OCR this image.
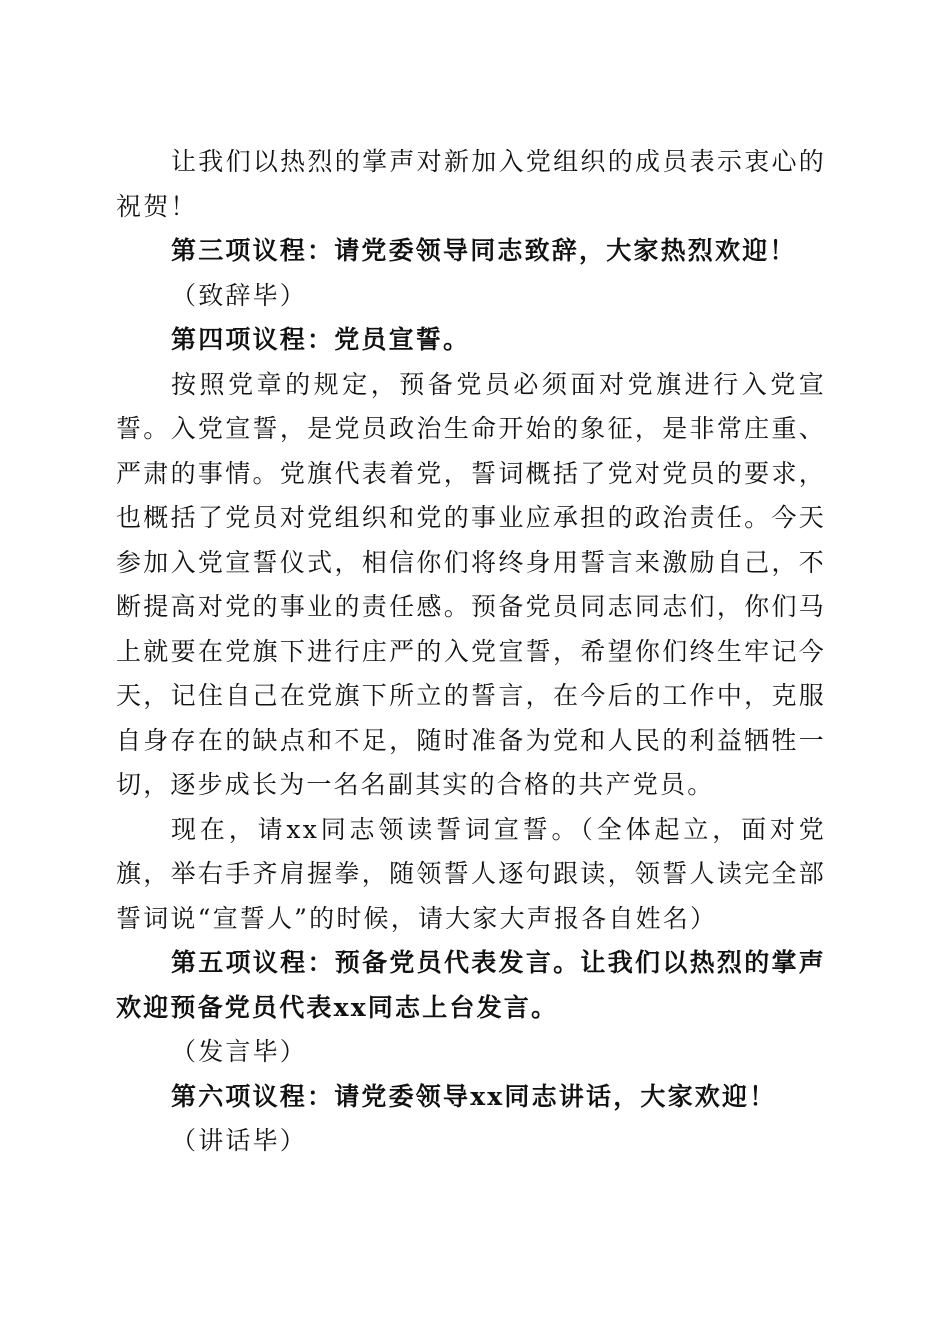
让我们以热烈的掌声对新加入党组织的成员表示衷心的祝贺！

第三项议程：请党委领导同志致辞，大家热烈欢迎！

（致辞毕）

第四项议程：党员宣誓。

按照党章的规定，预备党员必须面对党旗进行入党宣誓。入党宣誓，是党员政治生命开始的象征，是非常庄重、严肃的事情。党旗代表着党，誓词概括了党对党员的要求，也概括了党员对党组织和党的事业应承担的政治责任。今天参加入党宣誓仪式，相信你们将终身用誓言来激励自己，不断提高对党的事业的责任感。预备党员同志同志们，你们马上就要在党旗下进行庄严的入党宣誓，希望你们终生牢记今天，记住自己在党旗下所立的誓言，在今后的工作中，克服自身存在的缺点和不足，随时准备为党和人民的利益牺牲一切，逐步成长为一名名副其实的合格的共产党员。

现在，请xx同志领读誓词宣誓。（全体起立，面对党旗，举右手齐肩握拳，随领誓人逐句跟读，领誓人读完全部誓词说“宣誓人”的时候，请大家大声报各自姓名）

第五项议程：预备党员代表发言。让我们以热烈的掌声欢迎预备党员代表xx同志上台发言。

（发言毕）

第六项议程：请党委领导xx同志讲话，大家欢迎！

（讲话毕）
